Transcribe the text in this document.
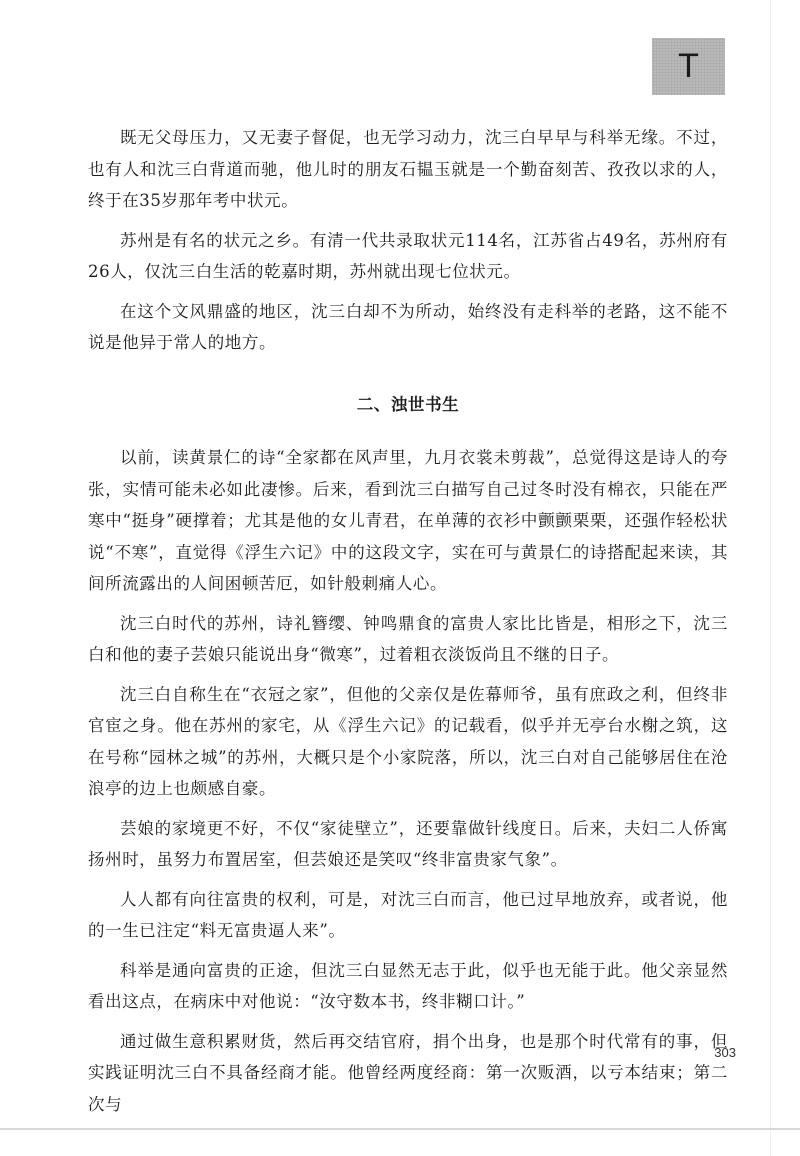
T

既无父母压力，又无妻子督促，也无学习动力，沈三白早早与科举无缘。不过，也有人和沈三白背道而驰，他儿时的朋友石韫玉就是一个勤奋刻苦、孜孜以求的人，终于在35岁那年考中状元。

苏州是有名的状元之乡。有清一代共录取状元114名，江苏省占49名，苏州府有26人，仅沈三白生活的乾嘉时期，苏州就出现七位状元。

在这个文风鼎盛的地区，沈三白却不为所动，始终没有走科举的老路，这不能不说是他异于常人的地方。

二、浊世书生

以前，读黄景仁的诗“全家都在风声里，九月衣裳未剪裁”，总觉得这是诗人的夸张，实情可能未必如此凄惨。后来，看到沈三白描写自己过冬时没有棉衣，只能在严寒中“挺身”硬撑着；尤其是他的女儿青君，在单薄的衣衫中颤颤栗栗，还强作轻松状说“不寒”，直觉得《浮生六记》中的这段文字，实在可与黄景仁的诗搭配起来读，其间所流露出的人间困顿苦厄，如针般刺痛人心。

沈三白时代的苏州，诗礼簪缨、钟鸣鼎食的富贵人家比比皆是，相形之下，沈三白和他的妻子芸娘只能说出身“微寒”，过着粗衣淡饭尚且不继的日子。

沈三白自称生在“衣冠之家”，但他的父亲仅是佐幕师爷，虽有庶政之利，但终非官宦之身。他在苏州的家宅，从《浮生六记》的记载看，似乎并无亭台水榭之筑，这在号称“园林之城”的苏州，大概只是个小家院落，所以，沈三白对自己能够居住在沧浪亭的边上也颇感自豪。

芸娘的家境更不好，不仅“家徒壁立”，还要靠做针线度日。后来，夫妇二人侨寓扬州时，虽努力布置居室，但芸娘还是笑叹“终非富贵家气象”。

人人都有向往富贵的权利，可是，对沈三白而言，他已过早地放弃，或者说，他的一生已注定“料无富贵逼人来”。

科举是通向富贵的正途，但沈三白显然无志于此，似乎也无能于此。他父亲显然看出这点，在病床中对他说：“汝守数本书，终非糊口计。”

通过做生意积累财货，然后再交结官府，捐个出身，也是那个时代常有的事，但实践证明沈三白不具备经商才能。他曾经两度经商：第一次贩酒，以亏本结束；第二次与

303
